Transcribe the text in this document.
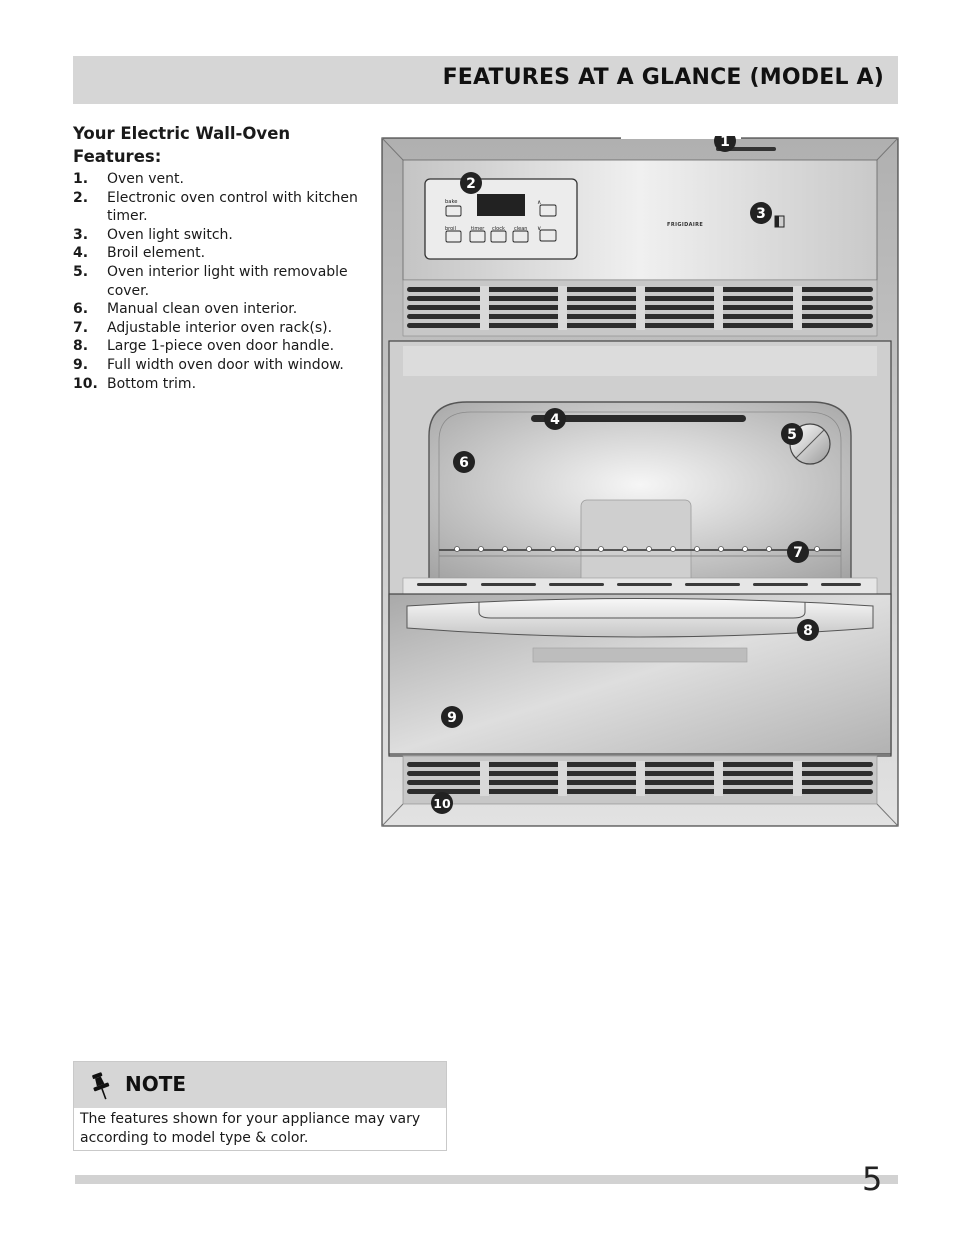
FEATURES AT A GLANCE (MODEL A)
Your Electric Wall-Oven Features:
1.	Oven vent.
2.	Electronic oven control with kitchen timer.
3.	Oven light switch.
4.	Broil element.
5.	Oven interior light with removable cover.
6.	Manual clean oven interior.
7.	Adjustable interior oven rack(s).
8.	Large 1-piece oven door handle.
9.	Full width oven door with window.
10. Bottom trim.
bake	∧
broil	timer clock clean ∨	FRIGIDAIRE
1
2
3
4
5
6
7
8
9
10
NOTE
The features shown for your appliance may vary according to model type & color.
5
